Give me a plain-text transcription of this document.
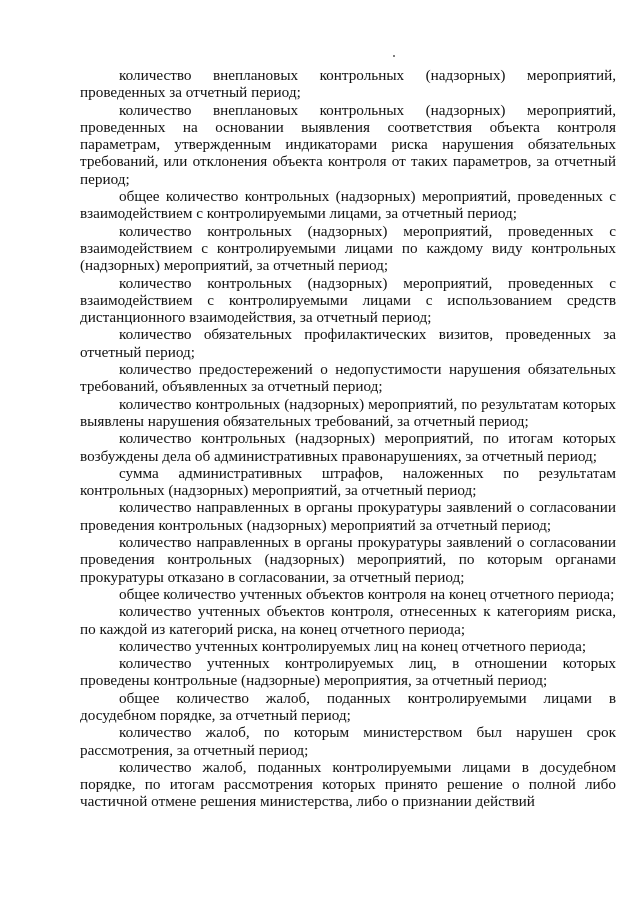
количество внеплановых контрольных (надзорных) мероприятий, проведенных за отчетный период;

количество внеплановых контрольных (надзорных) мероприятий, проведенных на основании выявления соответствия объекта контроля параметрам, утвержденным индикаторами риска нарушения обязательных требований, или отклонения объекта контроля от таких параметров, за отчетный период;

общее количество контрольных (надзорных) мероприятий, проведенных с взаимодействием с контролируемыми лицами, за отчетный период;

количество контрольных (надзорных) мероприятий, проведенных с взаимодействием с контролируемыми лицами по каждому виду контрольных (надзорных) мероприятий, за отчетный период;

количество контрольных (надзорных) мероприятий, проведенных с взаимодействием с контролируемыми лицами с использованием средств дистанционного взаимодействия, за отчетный период;

количество обязательных профилактических визитов, проведенных за отчетный период;

количество предостережений о недопустимости нарушения обязательных требований, объявленных за отчетный период;

количество контрольных (надзорных) мероприятий, по результатам которых выявлены нарушения обязательных требований, за отчетный период;

количество контрольных (надзорных) мероприятий, по итогам которых возбуждены дела об административных правонарушениях, за отчетный период;

сумма административных штрафов, наложенных по результатам контрольных (надзорных) мероприятий, за отчетный период;

количество направленных в органы прокуратуры заявлений о согласовании проведения контрольных (надзорных) мероприятий за отчетный период;

количество направленных в органы прокуратуры заявлений о согласовании проведения контрольных (надзорных) мероприятий, по которым органами прокуратуры отказано в согласовании, за отчетный период;

общее количество учтенных объектов контроля на конец отчетного периода;

количество учтенных объектов контроля, отнесенных к категориям риска, по каждой из категорий риска, на конец отчетного периода;

количество учтенных контролируемых лиц на конец отчетного периода;

количество учтенных контролируемых лиц, в отношении которых проведены контрольные (надзорные) мероприятия, за отчетный период;

общее количество жалоб, поданных контролируемыми лицами в досудебном порядке, за отчетный период;

количество жалоб, по которым министерством был нарушен срок рассмотрения, за отчетный период;

количество жалоб, поданных контролируемыми лицами в досудебном порядке, по итогам рассмотрения которых принято решение о полной либо частичной отмене решения министерства, либо о признании действий
